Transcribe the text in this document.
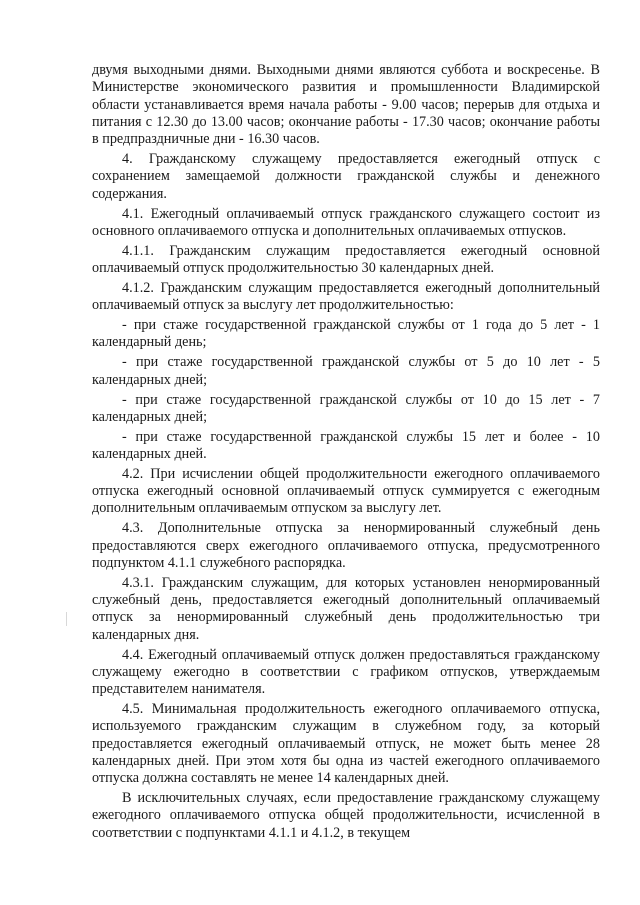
двумя выходными днями. Выходными днями являются суббота и воскресенье. В Министерстве экономического развития и промышленности Владимирской области устанавливается время начала работы - 9.00 часов; перерыв для отдыха и питания с 12.30 до 13.00 часов; окончание работы - 17.30 часов; окончание работы в предпраздничные дни - 16.30 часов.

4. Гражданскому служащему предоставляется ежегодный отпуск с сохранением замещаемой должности гражданской службы и денежного содержания.

4.1. Ежегодный оплачиваемый отпуск гражданского служащего состоит из основного оплачиваемого отпуска и дополнительных оплачиваемых отпусков.

4.1.1. Гражданским служащим предоставляется ежегодный основной оплачиваемый отпуск продолжительностью 30 календарных дней.

4.1.2. Гражданским служащим предоставляется ежегодный дополнительный оплачиваемый отпуск за выслугу лет продолжительностью:

- при стаже государственной гражданской службы от 1 года до 5 лет - 1 календарный день;

- при стаже государственной гражданской службы от 5 до 10 лет - 5 календарных дней;

- при стаже государственной гражданской службы от 10 до 15 лет - 7 календарных дней;

- при стаже государственной гражданской службы 15 лет и более - 10 календарных дней.

4.2. При исчислении общей продолжительности ежегодного оплачиваемого отпуска ежегодный основной оплачиваемый отпуск суммируется с ежегодным дополнительным оплачиваемым отпуском за выслугу лет.

4.3. Дополнительные отпуска за ненормированный служебный день предоставляются сверх ежегодного оплачиваемого отпуска, предусмотренного подпунктом 4.1.1 служебного распорядка.

4.3.1. Гражданским служащим, для которых установлен ненормированный служебный день, предоставляется ежегодный дополнительный оплачиваемый отпуск за ненормированный служебный день продолжительностью три календарных дня.

4.4. Ежегодный оплачиваемый отпуск должен предоставляться гражданскому служащему ежегодно в соответствии с графиком отпусков, утверждаемым представителем нанимателя.

4.5. Минимальная продолжительность ежегодного оплачиваемого отпуска, используемого гражданским служащим в служебном году, за который предоставляется ежегодный оплачиваемый отпуск, не может быть менее 28 календарных дней. При этом хотя бы одна из частей ежегодного оплачиваемого отпуска должна составлять не менее 14 календарных дней.

В исключительных случаях, если предоставление гражданскому служащему ежегодного оплачиваемого отпуска общей продолжительности, исчисленной в соответствии с подпунктами 4.1.1 и 4.1.2, в текущем
